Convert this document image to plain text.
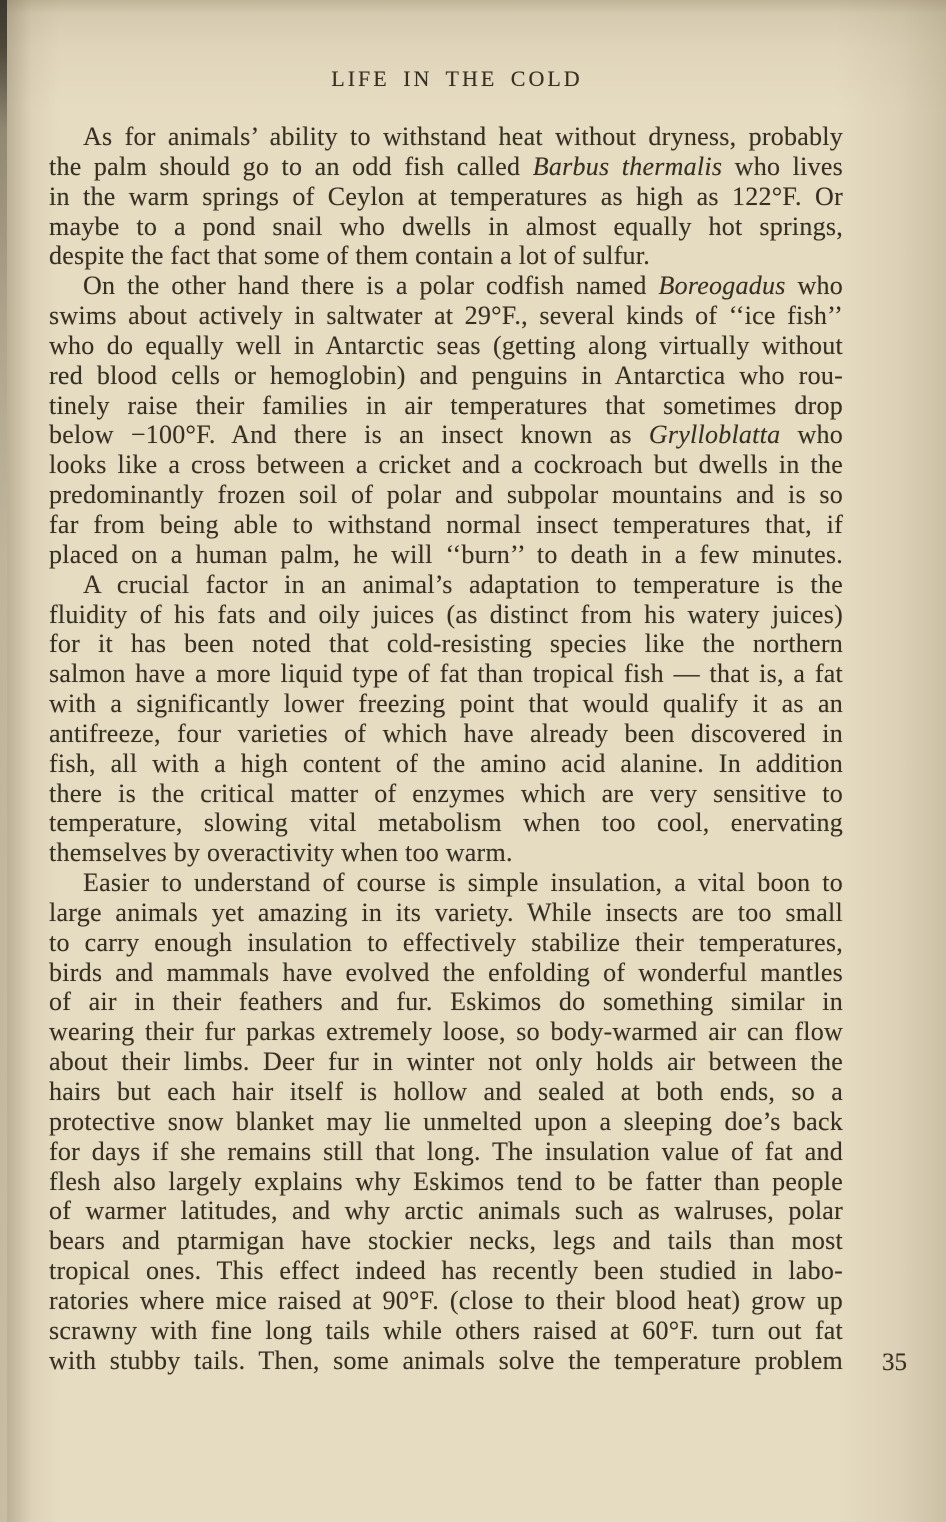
LIFE IN THE COLD
As for animals’ ability to withstand heat without dryness, probably
the palm should go to an odd fish called Barbus thermalis who lives
in the warm springs of Ceylon at temperatures as high as 122°F. Or
maybe to a pond snail who dwells in almost equally hot springs,
despite the fact that some of them contain a lot of sulfur.
On the other hand there is a polar codfish named Boreogadus who
swims about actively in saltwater at 29°F., several kinds of ‘‘ice fish’’
who do equally well in Antarctic seas (getting along virtually without
red blood cells or hemoglobin) and penguins in Antarctica who rou-
tinely raise their families in air temperatures that sometimes drop
below −100°F. And there is an insect known as Grylloblatta who
looks like a cross between a cricket and a cockroach but dwells in the
predominantly frozen soil of polar and subpolar mountains and is so
far from being able to withstand normal insect temperatures that, if
placed on a human palm, he will ‘‘burn’’ to death in a few minutes.
A crucial factor in an animal’s adaptation to temperature is the
fluidity of his fats and oily juices (as distinct from his watery juices)
for it has been noted that cold-resisting species like the northern
salmon have a more liquid type of fat than tropical fish — that is, a fat
with a significantly lower freezing point that would qualify it as an
antifreeze, four varieties of which have already been discovered in
fish, all with a high content of the amino acid alanine. In addition
there is the critical matter of enzymes which are very sensitive to
temperature, slowing vital metabolism when too cool, enervating
themselves by overactivity when too warm.
Easier to understand of course is simple insulation, a vital boon to
large animals yet amazing in its variety. While insects are too small
to carry enough insulation to effectively stabilize their temperatures,
birds and mammals have evolved the enfolding of wonderful mantles
of air in their feathers and fur. Eskimos do something similar in
wearing their fur parkas extremely loose, so body-warmed air can flow
about their limbs. Deer fur in winter not only holds air between the
hairs but each hair itself is hollow and sealed at both ends, so a
protective snow blanket may lie unmelted upon a sleeping doe’s back
for days if she remains still that long. The insulation value of fat and
flesh also largely explains why Eskimos tend to be fatter than people
of warmer latitudes, and why arctic animals such as walruses, polar
bears and ptarmigan have stockier necks, legs and tails than most
tropical ones. This effect indeed has recently been studied in labo-
ratories where mice raised at 90°F. (close to their blood heat) grow up
scrawny with fine long tails while others raised at 60°F. turn out fat
with stubby tails. Then, some animals solve the temperature problem 35
